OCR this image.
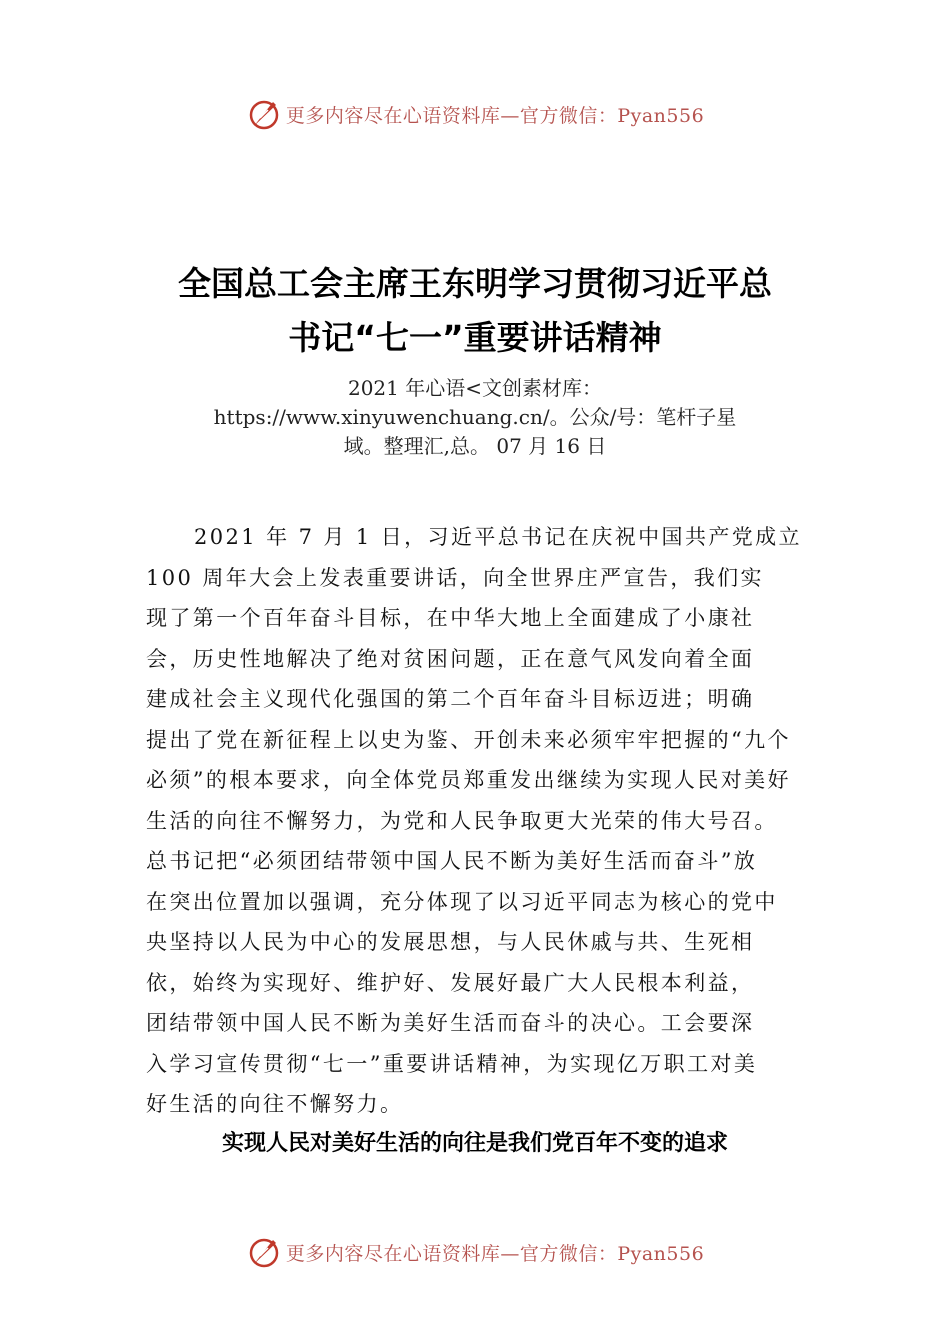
更多内容尽在心语资料库—官方微信：Pyan556
全国总工会主席王东明学习贯彻习近平总
书记“七一”重要讲话精神
2021 年心语<文创素材库：
https://www.xinyuwenchuang.cn/。公众/号：笔杆子星
域。整理汇,总。 07 月 16 日
2021 年 7 月 1 日，习近平总书记在庆祝中国共产党成立
100 周年大会上发表重要讲话，向全世界庄严宣告，我们实
现了第一个百年奋斗目标，在中华大地上全面建成了小康社
会，历史性地解决了绝对贫困问题，正在意气风发向着全面
建成社会主义现代化强国的第二个百年奋斗目标迈进；明确
提出了党在新征程上以史为鉴、开创未来必须牢牢把握的“九个
必须”的根本要求，向全体党员郑重发出继续为实现人民对美好
生活的向往不懈努力，为党和人民争取更大光荣的伟大号召。
总书记把“必须团结带领中国人民不断为美好生活而奋斗”放
在突出位置加以强调，充分体现了以习近平同志为核心的党中
央坚持以人民为中心的发展思想，与人民休戚与共、生死相
依，始终为实现好、维护好、发展好最广大人民根本利益，
团结带领中国人民不断为美好生活而奋斗的决心。工会要深
入学习宣传贯彻“七一”重要讲话精神，为实现亿万职工对美
好生活的向往不懈努力。
实现人民对美好生活的向往是我们党百年不变的追求
更多内容尽在心语资料库—官方微信：Pyan556
